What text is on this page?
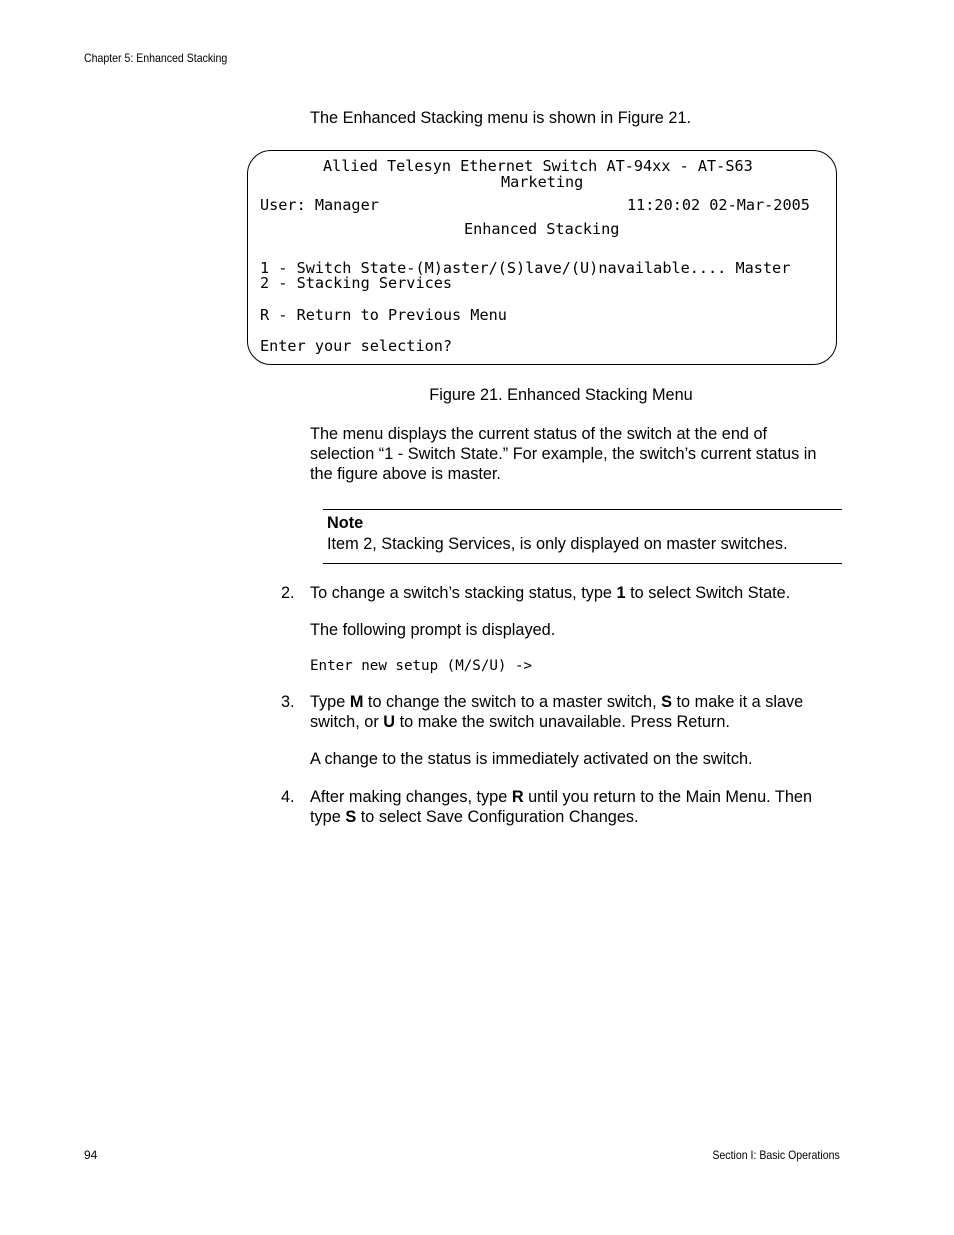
Chapter 5: Enhanced Stacking
The Enhanced Stacking menu is shown in Figure 21.
Allied Telesyn Ethernet Switch AT-94xx - AT-S63
Marketing
User: Manager	11:20:02 02-Mar-2005
Enhanced Stacking
1 - Switch State-(M)aster/(S)lave/(U)navailable.... Master
2 - Stacking Services
R - Return to Previous Menu
Enter your selection?
Figure 21. Enhanced Stacking Menu
The menu displays the current status of the switch at the end of
selection “1 - Switch State.” For example, the switch’s current status in
the figure above is master.
Note
Item 2, Stacking Services, is only displayed on master switches.
2. To change a switch’s stacking status, type 1 to select Switch State.
The following prompt is displayed.
Enter new setup (M/S/U) ->
3. Type M to change the switch to a master switch, S to make it a slave
switch, or U to make the switch unavailable. Press Return.
A change to the status is immediately activated on the switch.
4. After making changes, type R until you return to the Main Menu. Then
type S to select Save Configuration Changes.
94	Section I: Basic Operations
